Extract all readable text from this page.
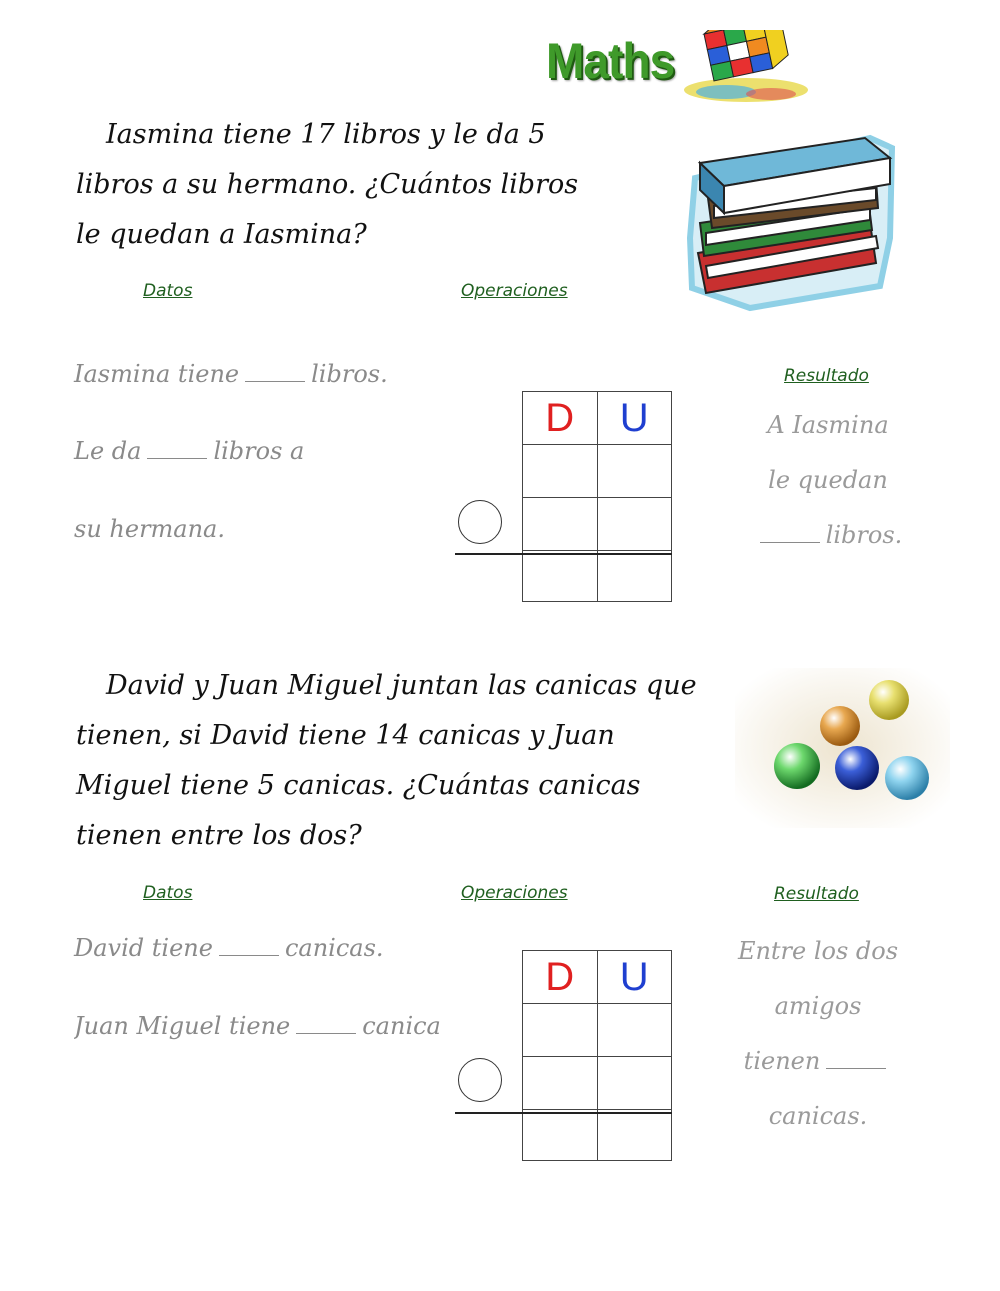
Maths

Iasmina tiene 17 libros y le da 5

libros a su hermano. ¿Cuántos libros

le quedan a Iasmina?

Datos	Operaciones
Resultado
Iasmina tiene	libros.
Le da	libros a
su hermana.
D	U

		A Iasmina
le quedan
libros.

David y Juan Miguel juntan las canicas que

tienen, si David tiene 14 canicas y Juan

Miguel tiene 5 canicas. ¿Cuántas canicas

tienen entre los dos?

Datos	Operaciones	Resultado
David tiene	canicas.
Juan Miguel tiene	canica
D	U

Entre los dos
amigos
tienen
canicas.
